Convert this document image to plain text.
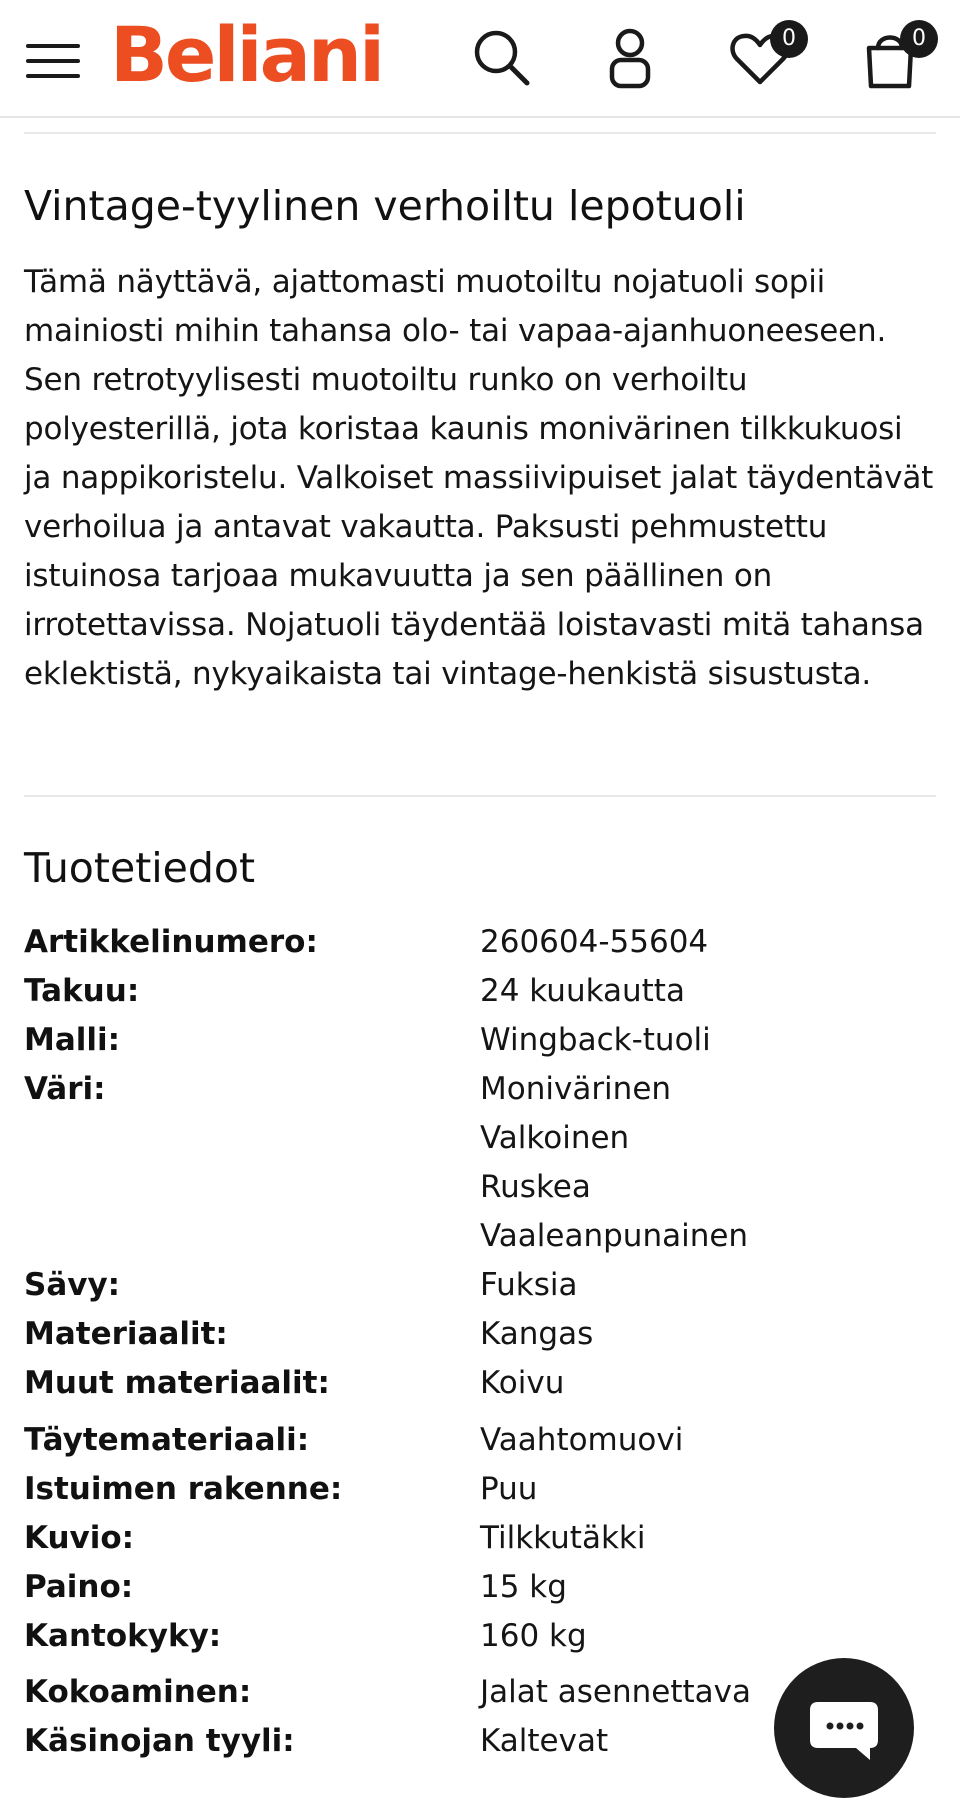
Beliani	0	0
Vintage-tyylinen verhoiltu lepotuoli

Tämä näyttävä, ajattomasti muotoiltu nojatuoli sopii mainiosti mihin tahansa olo- tai vapaa-ajanhuoneeseen. Sen retrotyylisesti muotoiltu runko on verhoiltu polyesterillä, jota koristaa kaunis monivärinen tilkkukuosi ja nappikoristelu. Valkoiset massiivipuiset jalat täydentävät verhoilua ja antavat vakautta. Paksusti pehmustettu istuinosa tarjoaa mukavuutta ja sen päällinen on irrotettavissa. Nojatuoli täydentää loistavasti mitä tahansa eklektistä, nykyaikaista tai vintage-henkistä sisustusta.

Tuotetiedot
Artikkelinumero:	260604-55604
Takuu:	24 kuukautta
Malli:	Wingback-tuoli
Väri:	Monivärinen
Valkoinen
Ruskea
Vaaleanpunainen
Sävy:	Fuksia
Materiaalit:	Kangas
Muut materiaalit:	Koivu
Täytemateriaali:	Vaahtomuovi
Istuimen rakenne:	Puu
Kuvio:	Tilkkutäkki
Paino:	15 kg
Kantokyky:	160 kg
Kokoaminen:	Jalat asennettava
Käsinojan tyyli:	Kaltevat
